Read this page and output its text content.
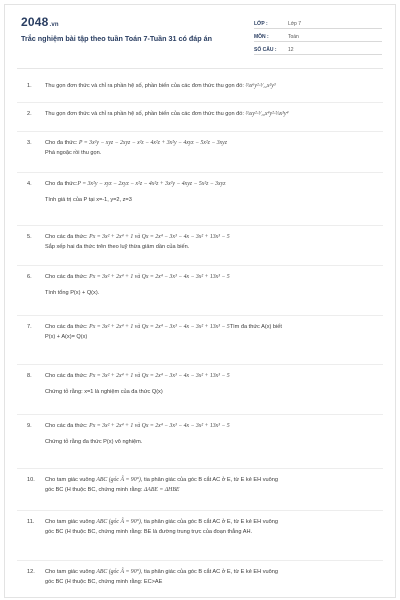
2048.vn
Trắc nghiệm bài tập theo tuần Toán 7-Tuần 31 có đáp án
LỚP :	Lớp 7
MÔN :	Toán
SỐ CÂU :	12
1. Thu gọn đơn thức và chỉ ra phần hệ số, phần biến của các đơn thức thu gọn đó: ⅔x⁶y²·¹⁄₁₂x²y³
2. Thu gọn đơn thức và chỉ ra phần hệ số, phần biến của các đơn thức thu gọn đó: ⅔xy²·¹⁄₁₀x⁴y²·⅔x³y⁴
3. Cho đa thức: P = 3x²y − xyz − 2xyz − x²z − 4x²z + 3x²y − 4xyz − 5x²z − 3xyz
Phá ngoặc rồi thu gọn.
4. Cho đa thức:P = 3x²y − xyz − 2xyz − x²z − 4x²z + 3x²y − 4xyz − 5x²z − 3xyz
Tính giá trị của P tại x=-1, y=2, z=3
5. Cho các đa thức: Px = 3x² + 2x⁴ + 1 và Qx = 2x⁴ − 3x³ − 4x − 3x² + 13x³ − 5
Sắp xếp hai đa thức trên theo luỹ thừa giảm dần của biến.
6. Cho các đa thức: Px = 3x² + 2x⁴ + 1 và Qx = 2x⁴ − 3x³ − 4x − 3x² + 13x³ − 5
Tính tổng P(x) + Q(x).
7. Cho các đa thức: Px = 3x² + 2x⁴ + 1 và Qx = 2x⁴ − 3x³ − 4x − 3x² + 13x³ − 5Tìm đa thức A(x) biết
P(x) + A(x)= Q(x)
8. Cho các đa thức: Px = 3x² + 2x⁴ + 1 và Qx = 2x⁴ − 3x³ − 4x − 3x² + 13x³ − 5
Chứng tỏ rằng: x=1 là nghiệm của đa thức Q(x)
9. Cho các đa thức: Px = 3x² + 2x⁴ + 1 và Qx = 2x⁴ − 3x³ − 4x − 3x² + 13x³ − 5
Chứng tỏ rằng đa thức P(x) vô nghiệm.
10. Cho tam giác vuông ABC (góc Â = 90°), tia phân giác của góc B cắt AC ở E, từ E kẻ EH vuông
góc BC (H thuộc BC, chứng minh rằng: ΔABE = ΔHBE
11. Cho tam giác vuông ABC (góc Â = 90°), tia phân giác của góc B cắt AC ở E, từ E kẻ EH vuông
góc BC (H thuộc BC, chứng minh rằng: BE là đường trung trực của đoạn thẳng AH.
12. Cho tam giác vuông ABC (góc Â = 90°), tia phân giác của góc B cắt AC ở E, từ E kẻ EH vuông
góc BC (H thuộc BC, chứng minh rằng: EC>AE
